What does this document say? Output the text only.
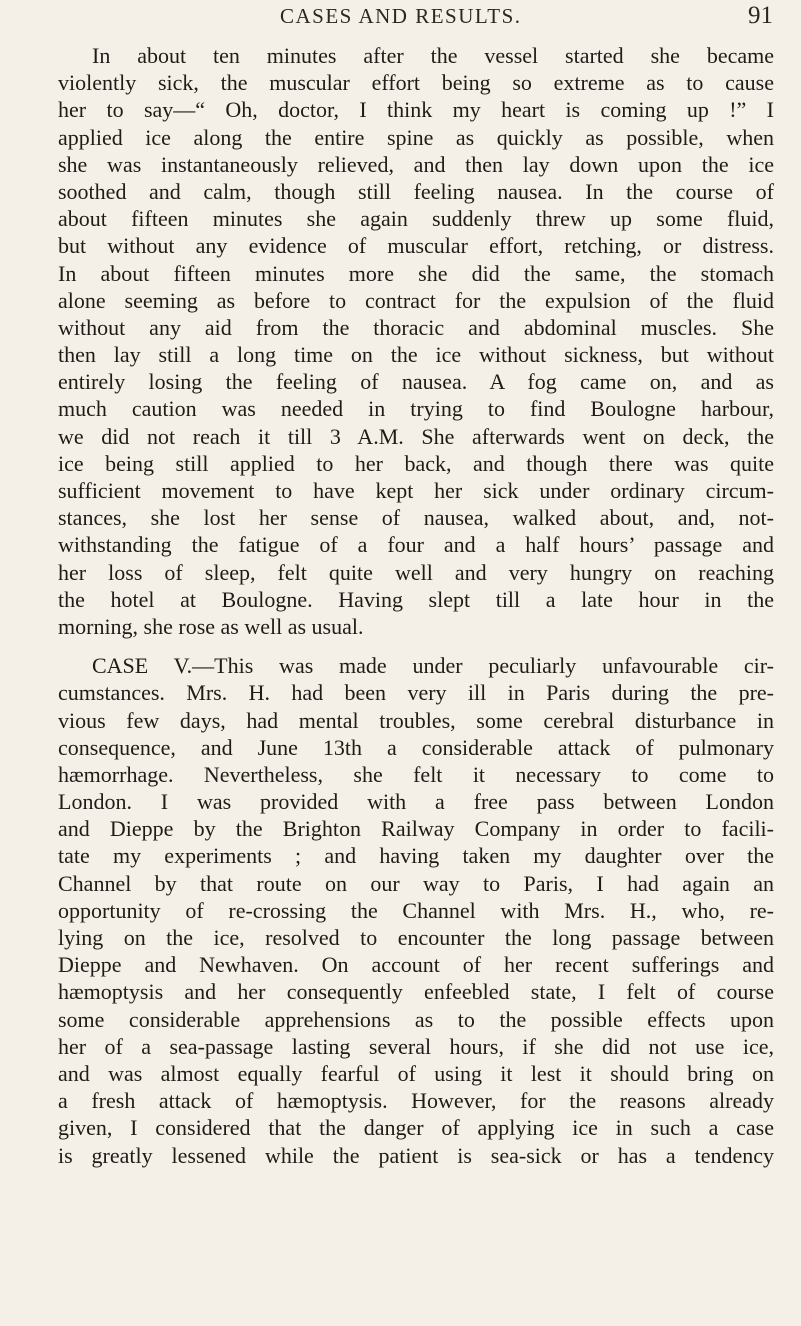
CASES AND RESULTS.	91
In about ten minutes after the vessel started she became
violently sick, the muscular effort being so extreme as to cause
her to say—“ Oh, doctor, I think my heart is coming up !” I
applied ice along the entire spine as quickly as possible, when
she was instantaneously relieved, and then lay down upon the ice
soothed and calm, though still feeling nausea. In the course of
about fifteen minutes she again suddenly threw up some fluid,
but without any evidence of muscular effort, retching, or distress.
In about fifteen minutes more she did the same, the stomach
alone seeming as before to contract for the expulsion of the fluid
without any aid from the thoracic and abdominal muscles. She
then lay still a long time on the ice without sickness, but without
entirely losing the feeling of nausea. A fog came on, and as
much caution was needed in trying to find Boulogne harbour,
we did not reach it till 3 A.M. She afterwards went on deck, the
ice being still applied to her back, and though there was quite
sufficient movement to have kept her sick under ordinary circum-
stances, she lost her sense of nausea, walked about, and, not-
withstanding the fatigue of a four and a half hours’ passage and
her loss of sleep, felt quite well and very hungry on reaching
the hotel at Boulogne. Having slept till a late hour in the
morning, she rose as well as usual.
CASE V.—This was made under peculiarly unfavourable cir-
cumstances. Mrs. H. had been very ill in Paris during the pre-
vious few days, had mental troubles, some cerebral disturbance in
consequence, and June 13th a considerable attack of pulmonary
hæmorrhage. Nevertheless, she felt it necessary to come to
London. I was provided with a free pass between London
and Dieppe by the Brighton Railway Company in order to facili-
tate my experiments ; and having taken my daughter over the
Channel by that route on our way to Paris, I had again an
opportunity of re-crossing the Channel with Mrs. H., who, re-
lying on the ice, resolved to encounter the long passage between
Dieppe and Newhaven. On account of her recent sufferings and
hæmoptysis and her consequently enfeebled state, I felt of course
some considerable apprehensions as to the possible effects upon
her of a sea-passage lasting several hours, if she did not use ice,
and was almost equally fearful of using it lest it should bring on
a fresh attack of hæmoptysis. However, for the reasons already
given, I considered that the danger of applying ice in such a case
is greatly lessened while the patient is sea-sick or has a tendency
